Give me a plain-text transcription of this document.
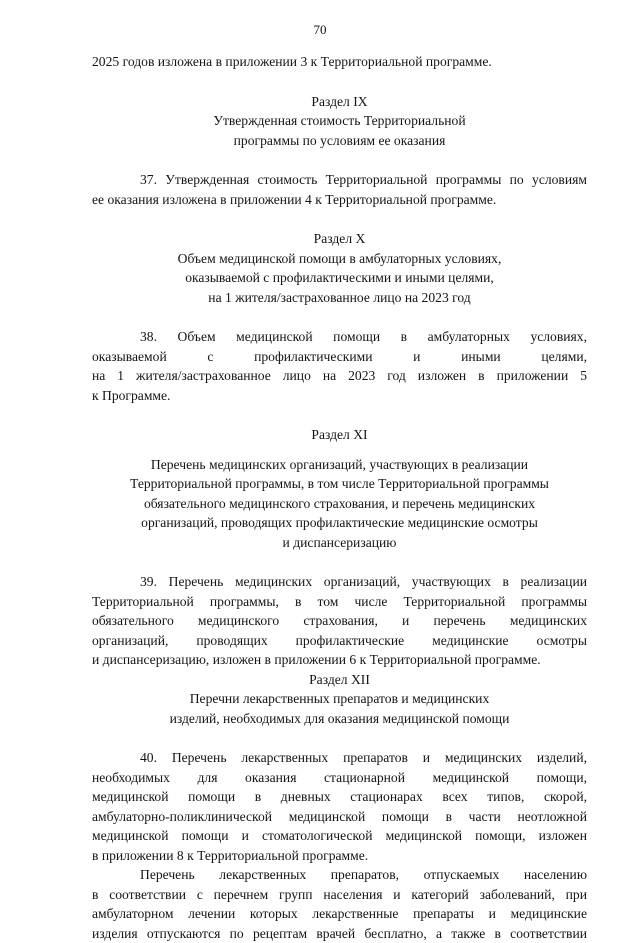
70
2025 годов изложена в приложении 3 к Территориальной программе.
Раздел IX
Утвержденная стоимость Территориальной
программы по условиям ее оказания
37. Утвержденная стоимость Территориальной программы по условиям
ее оказания изложена в приложении 4 к Территориальной программе.
Раздел X
Объем медицинской помощи в амбулаторных условиях,
оказываемой с профилактическими и иными целями,
на 1 жителя/застрахованное лицо на 2023 год
38. Объем медицинской помощи в амбулаторных условиях,
оказываемой с профилактическими и иными целями,
на 1 жителя/застрахованное лицо на 2023 год изложен в приложении 5
к Программе.
Раздел XI
Перечень медицинских организаций, участвующих в реализации
Территориальной программы, в том числе Территориальной программы
обязательного медицинского страхования, и перечень медицинских
организаций, проводящих профилактические медицинские осмотры
и диспансеризацию
39. Перечень медицинских организаций, участвующих в реализации
Территориальной программы, в том числе Территориальной программы
обязательного медицинского страхования, и перечень медицинских
организаций, проводящих профилактические медицинские осмотры
и диспансеризацию, изложен в приложении 6 к Территориальной программе.
Раздел XII
Перечни лекарственных препаратов и медицинских
изделий, необходимых для оказания медицинской помощи
40. Перечень лекарственных препаратов и медицинских изделий,
необходимых для оказания стационарной медицинской помощи,
медицинской помощи в дневных стационарах всех типов, скорой,
амбулаторно-поликлинической медицинской помощи в части неотложной
медицинской помощи и стоматологической медицинской помощи, изложен
в приложении 8 к Территориальной программе.
Перечень лекарственных препаратов, отпускаемых населению
в соответствии с перечнем групп населения и категорий заболеваний, при
амбулаторном лечении которых лекарственные препараты и медицинские
изделия отпускаются по рецептам врачей бесплатно, а также в соответствии
